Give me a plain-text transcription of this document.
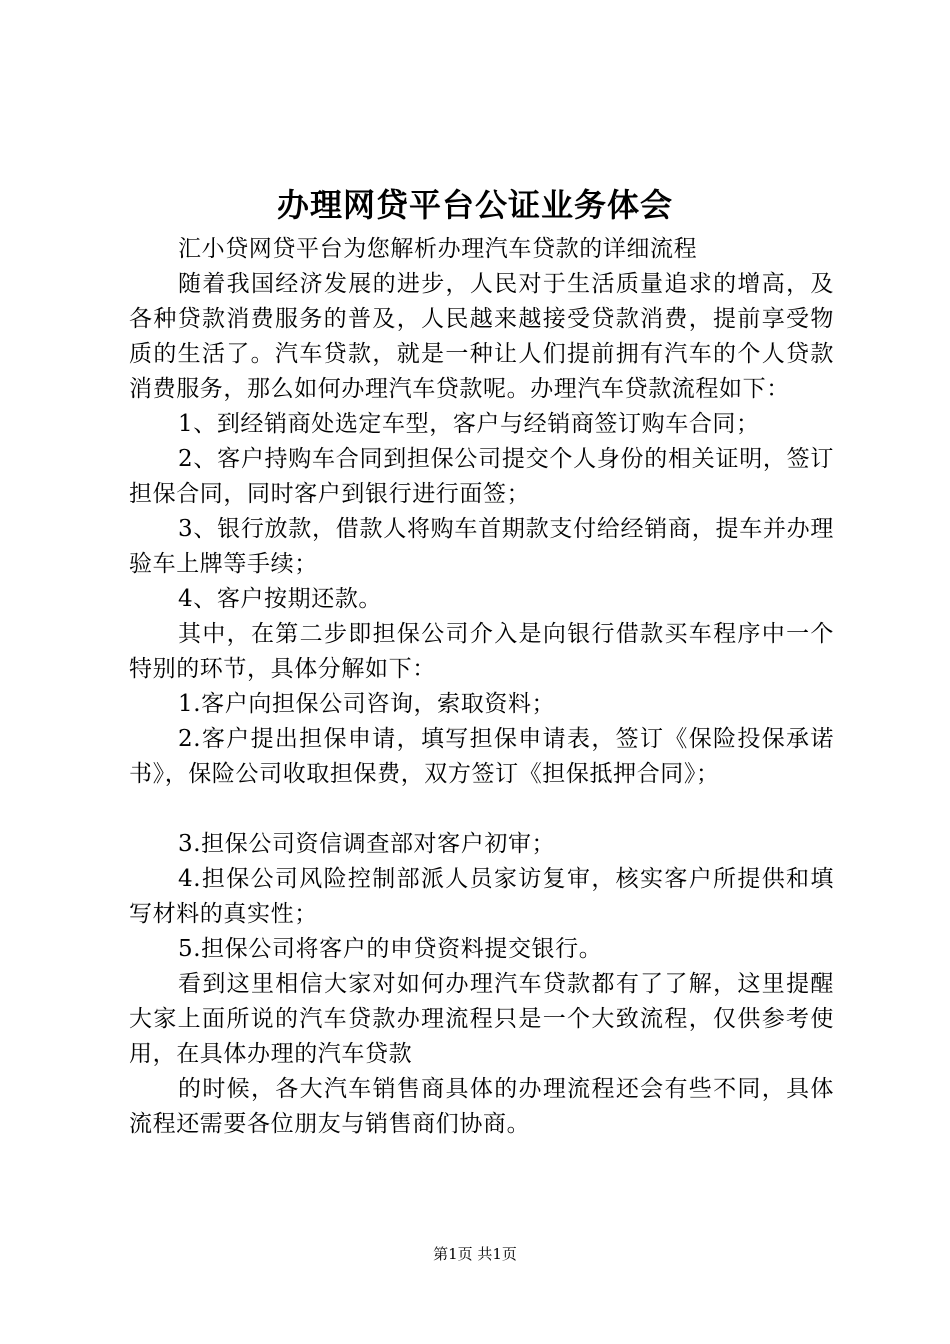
办理网贷平台公证业务体会

汇小贷网贷平台为您解析办理汽车贷款的详细流程

随着我国经济发展的进步，人民对于生活质量追求的增高，及各种贷款消费服务的普及，人民越来越接受贷款消费，提前享受物质的生活了。汽车贷款，就是一种让人们提前拥有汽车的个人贷款消费服务，那么如何办理汽车贷款呢。办理汽车贷款流程如下：

1、到经销商处选定车型，客户与经销商签订购车合同；

2、客户持购车合同到担保公司提交个人身份的相关证明，签订担保合同，同时客户到银行进行面签；

3、银行放款，借款人将购车首期款支付给经销商，提车并办理验车上牌等手续；

4、客户按期还款。

其中，在第二步即担保公司介入是向银行借款买车程序中一个特别的环节，具体分解如下：

1.客户向担保公司咨询，索取资料；

2.客户提出担保申请，填写担保申请表，签订《保险投保承诺书》，保险公司收取担保费，双方签订《担保抵押合同》；

3.担保公司资信调查部对客户初审；

4.担保公司风险控制部派人员家访复审，核实客户所提供和填写材料的真实性；

5.担保公司将客户的申贷资料提交银行。

看到这里相信大家对如何办理汽车贷款都有了了解，这里提醒大家上面所说的汽车贷款办理流程只是一个大致流程，仅供参考使用，在具体办理的汽车贷款

的时候，各大汽车销售商具体的办理流程还会有些不同，具体流程还需要各位朋友与销售商们协商。

第1页 共1页
